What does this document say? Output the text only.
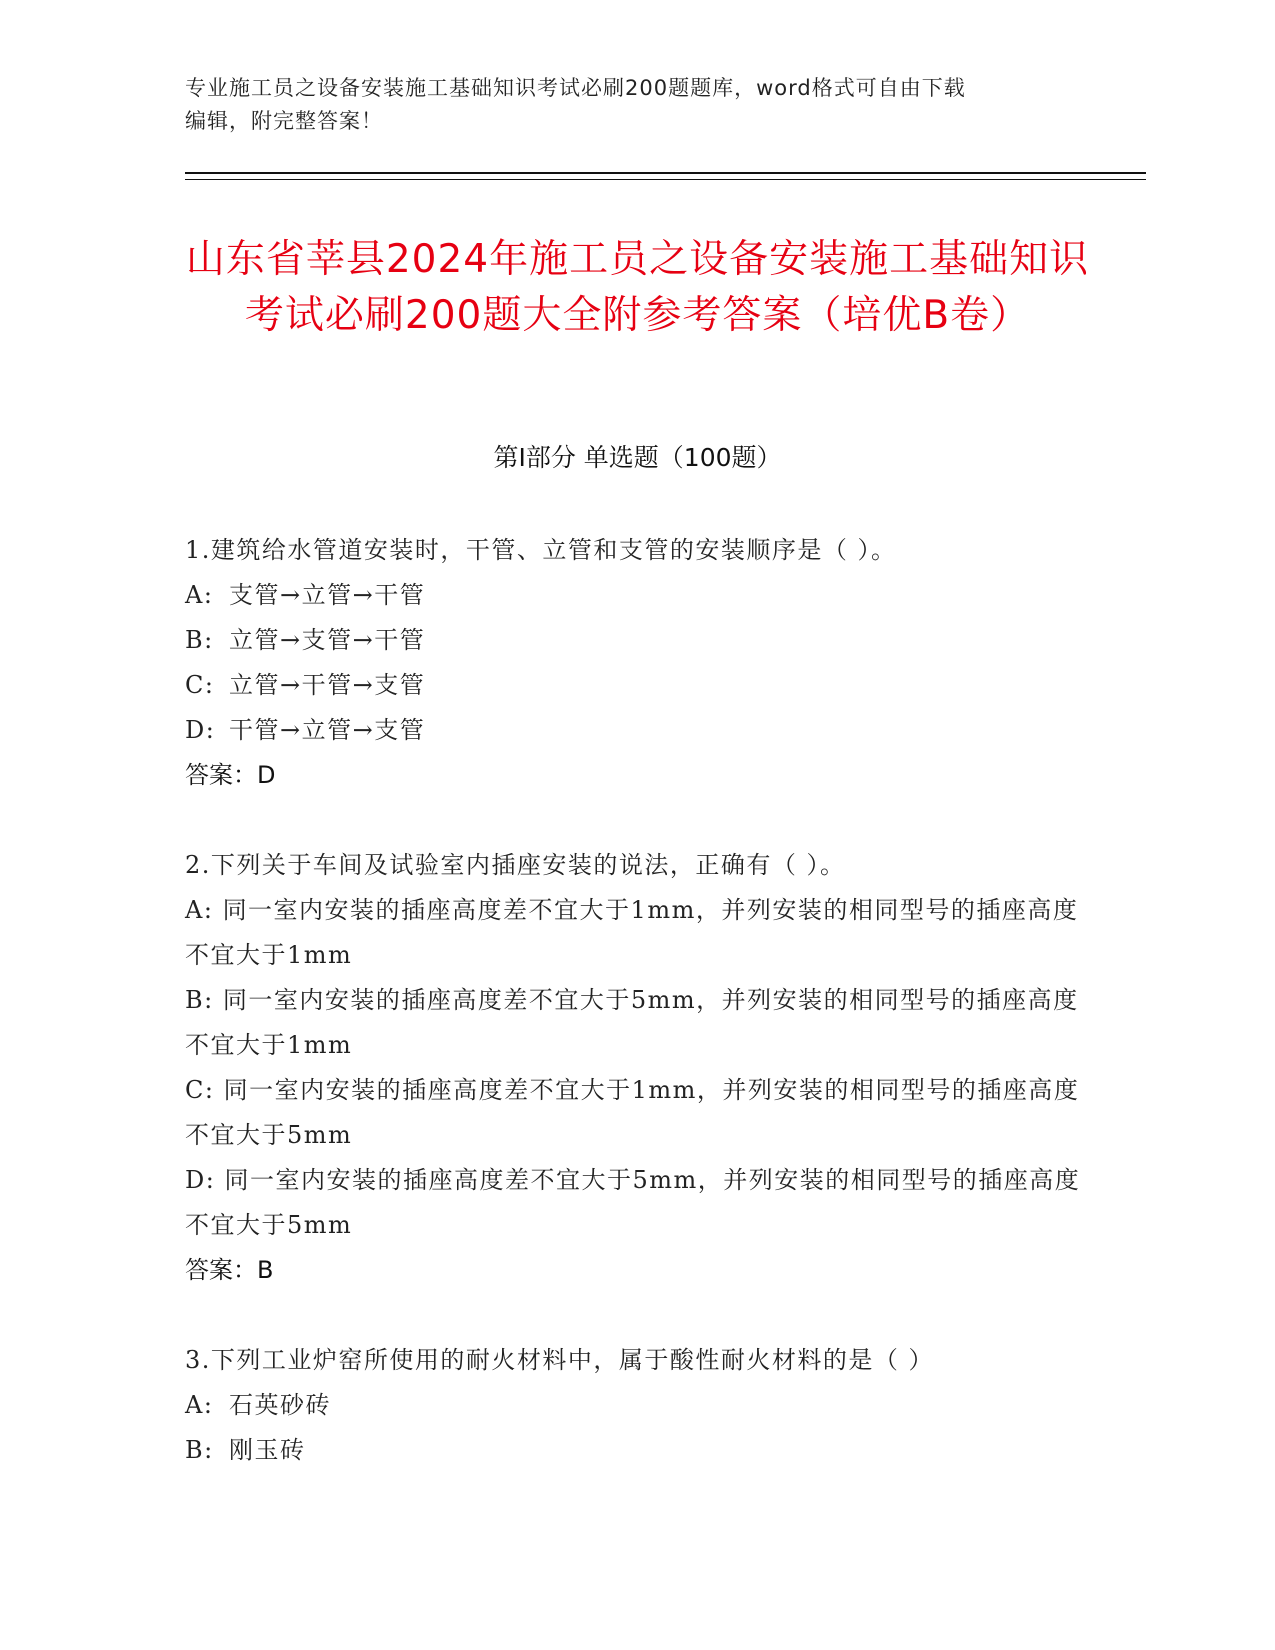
专业施工员之设备安装施工基础知识考试必刷200题题库，word格式可自由下载
编辑，附完整答案！
山东省莘县2024年施工员之设备安装施工基础知识考试必刷200题大全附参考答案（培优B卷）
第Ⅰ部分 单选题（100题）
1.建筑给水管道安装时，干管、立管和支管的安装顺序是（ ）。
A: 支管→立管→干管
B: 立管→支管→干管
C: 立管→干管→支管
D: 干管→立管→支管
答案：D
2.下列关于车间及试验室内插座安装的说法，正确有（ ）。
A: 同一室内安装的插座高度差不宜大于1mm，并列安装的相同型号的插座高度不宜大于1mm
B: 同一室内安装的插座高度差不宜大于5mm，并列安装的相同型号的插座高度不宜大于1mm
C: 同一室内安装的插座高度差不宜大于1mm，并列安装的相同型号的插座高度不宜大于5mm
D: 同一室内安装的插座高度差不宜大于5mm，并列安装的相同型号的插座高度不宜大于5mm
答案：B
3.下列工业炉窑所使用的耐火材料中，属于酸性耐火材料的是（ ）
A: 石英砂砖
B: 刚玉砖
